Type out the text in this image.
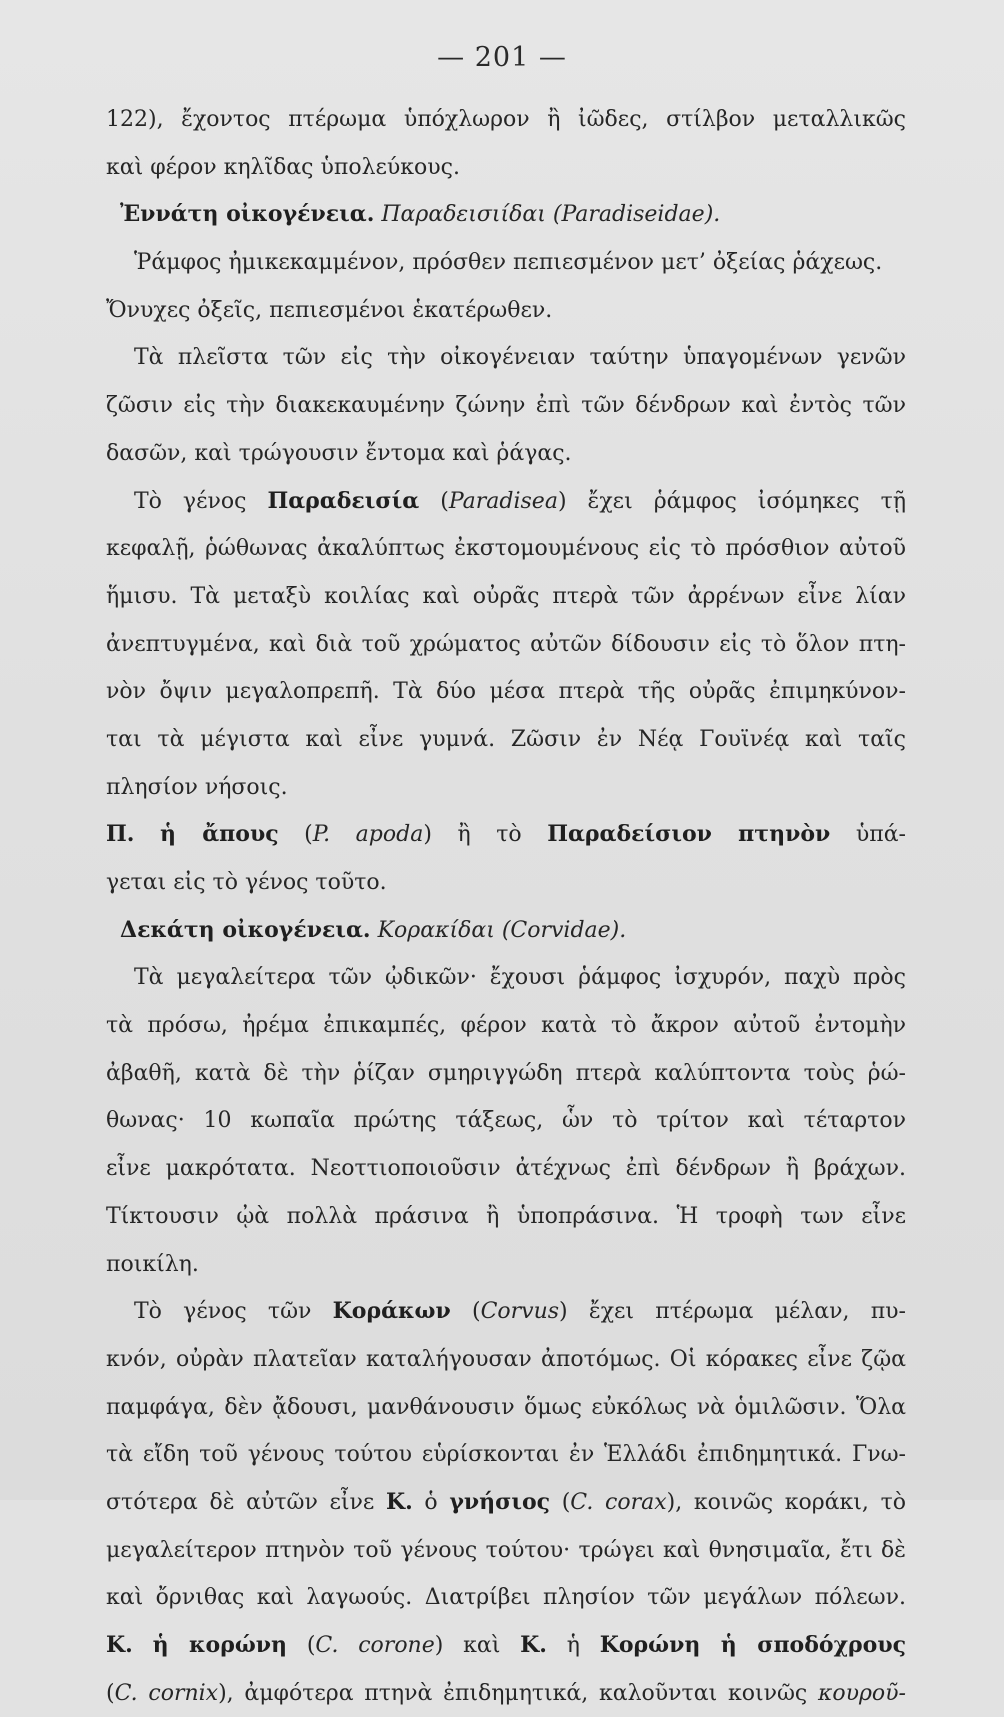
— 201 —
122), ἔχοντος πτέρωμα ὑπόχλωρον ἢ ἰῶδες, στίλβον μεταλλικῶς
καὶ φέρον κηλῖδας ὑπολεύκους.
Ἐννάτη οἰκογένεια. Παραδεισιίδαι (Paradiseidae).
Ῥάμφος ἠμικεκαμμένον, πρόσθεν πεπιεσμένον μετ’ ὀξείας ῥάχεως.
Ὄνυχες ὀξεῖς, πεπιεσμένοι ἑκατέρωθεν.
Τὰ πλεῖστα τῶν εἰς τὴν οἰκογένειαν ταύτην ὑπαγομένων γενῶν
ζῶσιν εἰς τὴν διακεκαυμένην ζώνην ἐπὶ τῶν δένδρων καὶ ἐντὸς τῶν
δασῶν, καὶ τρώγουσιν ἔντομα καὶ ῥάγας.
Τὸ γένος Παραδεισία (Paradisea) ἔχει ῥάμφος ἰσόμηκες τῇ
κεφαλῇ, ῥώθωνας ἀκαλύπτως ἐκστομουμένους εἰς τὸ πρόσθιον αὐτοῦ
ἥμισυ. Τὰ μεταξὺ κοιλίας καὶ οὐρᾶς πτερὰ τῶν ἀρρένων εἶνε λίαν
ἀνεπτυγμένα, καὶ διὰ τοῦ χρώματος αὐτῶν δίδουσιν εἰς τὸ ὅλον πτη-
νὸν ὄψιν μεγαλοπρεπῆ. Τὰ δύο μέσα πτερὰ τῆς οὐρᾶς ἐπιμηκύνον-
ται τὰ μέγιστα καὶ εἶνε γυμνά. Ζῶσιν ἐν Νέᾳ Γουϊνέᾳ καὶ ταῖς
πλησίον νήσοις.
Π. ἡ ἄπους (P. apoda) ἢ τὸ Παραδείσιον πτηνὸν ὑπά-
γεται εἰς τὸ γένος τοῦτο.
Δεκάτη οἰκογένεια. Κορακίδαι (Corvidae).
Τὰ μεγαλείτερα τῶν ᾠδικῶν· ἔχουσι ῥάμφος ἰσχυρόν, παχὺ πρὸς
τὰ πρόσω, ἠρέμα ἐπικαμπές, φέρον κατὰ τὸ ἄκρον αὐτοῦ ἐντομὴν
ἀβαθῆ, κατὰ δὲ τὴν ῥίζαν σμηριγγώδη πτερὰ καλύπτοντα τοὺς ῥώ-
θωνας· 10 κωπαῖα πρώτης τάξεως, ὧν τὸ τρίτον καὶ τέταρτον
εἶνε μακρότατα. Νεοττιοποιοῦσιν ἀτέχνως ἐπὶ δένδρων ἢ βράχων.
Τίκτουσιν ᾠὰ πολλὰ πράσινα ἢ ὑποπράσινα. Ἡ τροφὴ των εἶνε
ποικίλη.
Τὸ γένος τῶν Κοράκων (Corvus) ἔχει πτέρωμα μέλαν, πυ-
κνόν, οὐρὰν πλατεῖαν καταλήγουσαν ἀποτόμως. Οἱ κόρακες εἶνε ζῷα
παμφάγα, δὲν ᾄδουσι, μανθάνουσιν ὅμως εὐκόλως νὰ ὁμιλῶσιν. Ὅλα
τὰ εἴδη τοῦ γένους τούτου εὑρίσκονται ἐν Ἑλλάδι ἐπιδημητικά. Γνω-
στότερα δὲ αὐτῶν εἶνε Κ. ὁ γνήσιος (C. corax), κοινῶς κοράκι, τὸ
μεγαλείτερον πτηνὸν τοῦ γένους τούτου· τρώγει καὶ θνησιμαῖα, ἔτι δὲ
καὶ ὄρνιθας καὶ λαγωούς. Διατρίβει πλησίον τῶν μεγάλων πόλεων.
Κ. ἡ κορώνη (C. corone) καὶ Κ. ἡ Κορώνη ἡ σποδόχρους
(C. cornix), ἀμφότερα πτηνὰ ἐπιδημητικά, καλοῦνται κοινῶς κουροῦ-
